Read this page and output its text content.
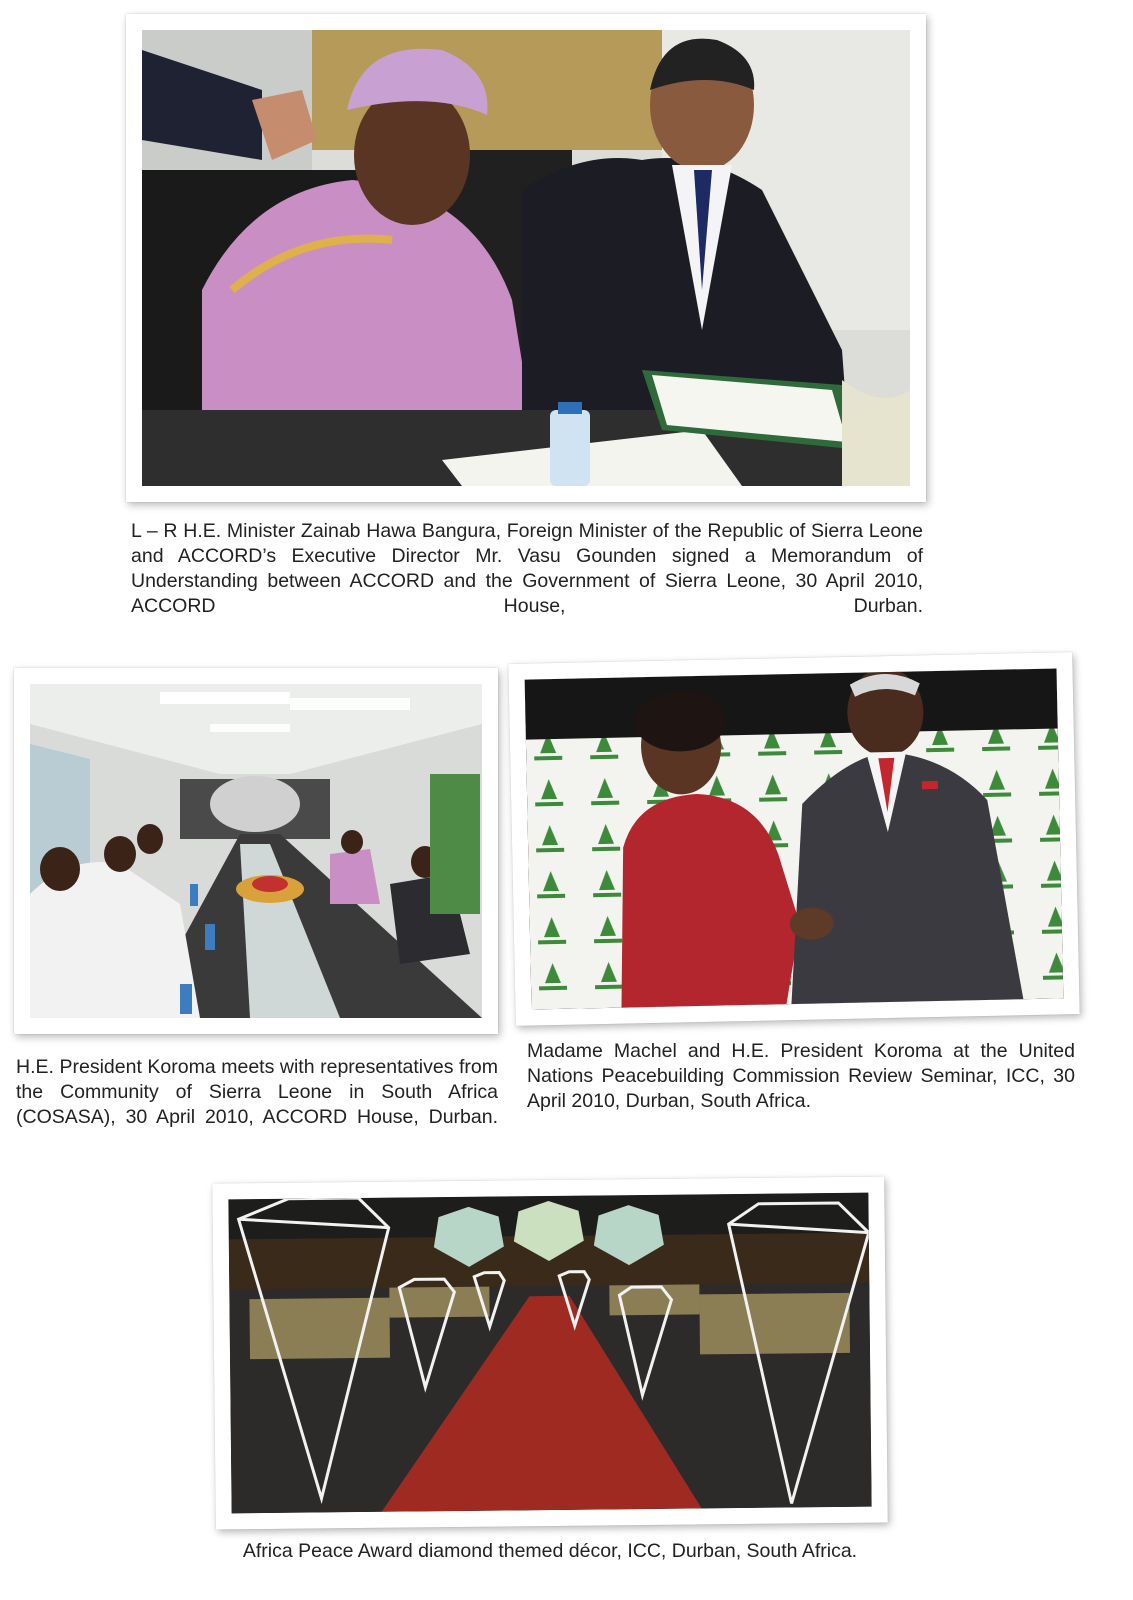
L – R H.E. Minister Zainab Hawa Bangura, Foreign Minister of the Republic of Sierra Leone and ACCORD’s Executive Director Mr. Vasu Gounden signed a Memorandum of Understanding between ACCORD and the Government of Sierra Leone, 30 April 2010, ACCORD House, Durban.
H.E. President Koroma meets with representatives from the Community of Sierra Leone in South Africa (COSASA), 30 April 2010, ACCORD House, Durban.
Madame Machel and H.E. President Koroma at the United Nations Peacebuilding Commission Review Seminar, ICC, 30 April 2010, Durban, South Africa.
Africa Peace Award diamond themed décor, ICC, Durban, South Africa.
